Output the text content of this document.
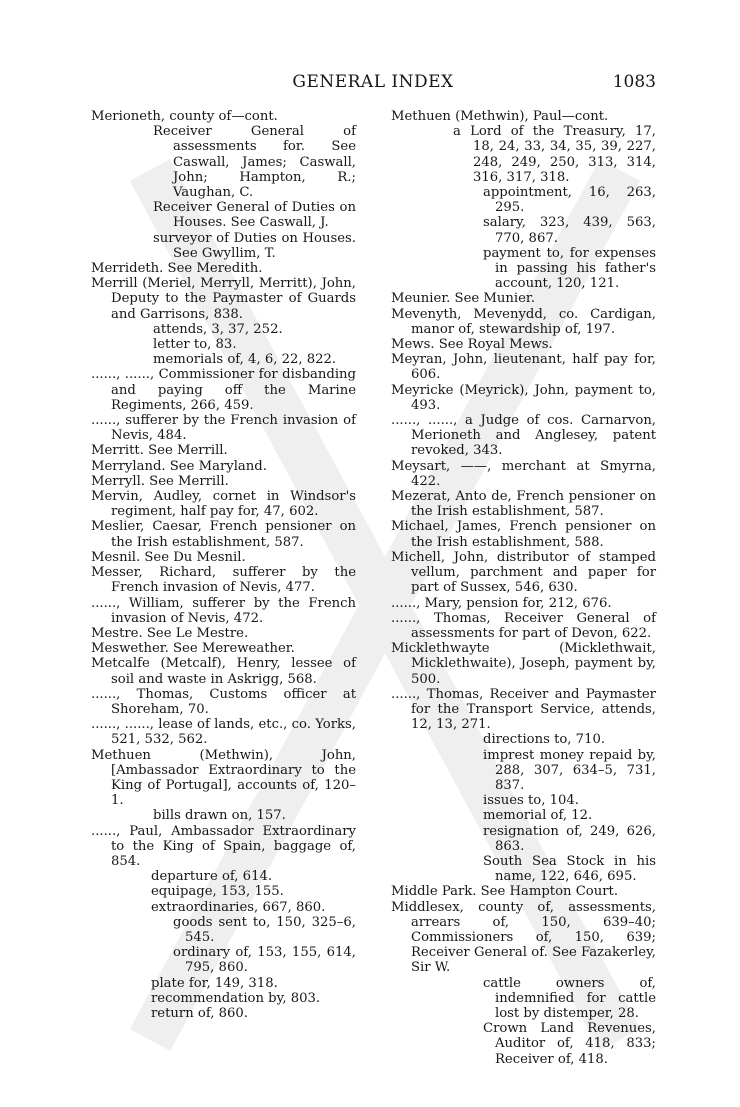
GENERAL INDEX	1083

Merioneth, county of—cont.

Receiver General of assessments for. See Caswall, James; Caswall, John; Hampton, R.; Vaughan, C.

Receiver General of Duties on Houses. See Caswall, J.

surveyor of Duties on Houses. See Gwyllim, T.

Merrideth. See Meredith.

Merrill (Meriel, Merryll, Merritt), John, Deputy to the Paymaster of Guards and Garrisons, 838.

attends, 3, 37, 252.

letter to, 83.

memorials of, 4, 6, 22, 822.

......, ......, Commissioner for disbanding and paying off the Marine Regiments, 266, 459.

......, sufferer by the French invasion of Nevis, 484.

Merritt. See Merrill.

Merryland. See Maryland.

Merryll. See Merrill.

Mervin, Audley, cornet in Windsor's regiment, half pay for, 47, 602.

Meslier, Caesar, French pensioner on the Irish establishment, 587.

Mesnil. See Du Mesnil.

Messer, Richard, sufferer by the French invasion of Nevis, 477.

......, William, sufferer by the French invasion of Nevis, 472.

Mestre. See Le Mestre.

Meswether. See Mereweather.

Metcalfe (Metcalf), Henry, lessee of soil and waste in Askrigg, 568.

......, Thomas, Customs officer at Shoreham, 70.

......, ......, lease of lands, etc., co. Yorks, 521, 532, 562.

Methuen (Methwin), John, [Ambassador Extraordinary to the King of Portugal], accounts of, 120–1.

bills drawn on, 157.

......, Paul, Ambassador Extraordinary to the King of Spain, baggage of, 854.

departure of, 614.

equipage, 153, 155.

extraordinaries, 667, 860.

goods sent to, 150, 325–6, 545.

ordinary of, 153, 155, 614, 795, 860.

plate for, 149, 318.

recommendation by, 803.

return of, 860.

Methuen (Methwin), Paul—cont.

a Lord of the Treasury, 17, 18, 24, 33, 34, 35, 39, 227, 248, 249, 250, 313, 314, 316, 317, 318.

appointment, 16, 263, 295.

salary, 323, 439, 563, 770, 867.

payment to, for expenses in passing his father's account, 120, 121.

Meunier. See Munier.

Mevenyth, Mevenydd, co. Cardigan, manor of, stewardship of, 197.

Mews. See Royal Mews.

Meyran, John, lieutenant, half pay for, 606.

Meyricke (Meyrick), John, payment to, 493.

......, ......, a Judge of cos. Carnarvon, Merioneth and Anglesey, patent revoked, 343.

Meysart, ——, merchant at Smyrna, 422.

Mezerat, Anto de, French pensioner on the Irish establishment, 587.

Michael, James, French pensioner on the Irish establishment, 588.

Michell, John, distributor of stamped vellum, parchment and paper for part of Sussex, 546, 630.

......, Mary, pension for, 212, 676.

......, Thomas, Receiver General of assessments for part of Devon, 622.

Micklethwayte (Micklethwait, Micklethwaite), Joseph, payment by, 500.

......, Thomas, Receiver and Paymaster for the Transport Service, attends, 12, 13, 271.

directions to, 710.

imprest money repaid by, 288, 307, 634–5, 731, 837.

issues to, 104.

memorial of, 12.

resignation of, 249, 626, 863.

South Sea Stock in his name, 122, 646, 695.

Middle Park. See Hampton Court.

Middlesex, county of, assessments, arrears of, 150, 639–40; Commissioners of, 150, 639; Receiver General of. See Fazakerley, Sir W.

cattle owners of, indemnified for cattle lost by distemper, 28.

Crown Land Revenues, Auditor of, 418, 833; Receiver of, 418.
